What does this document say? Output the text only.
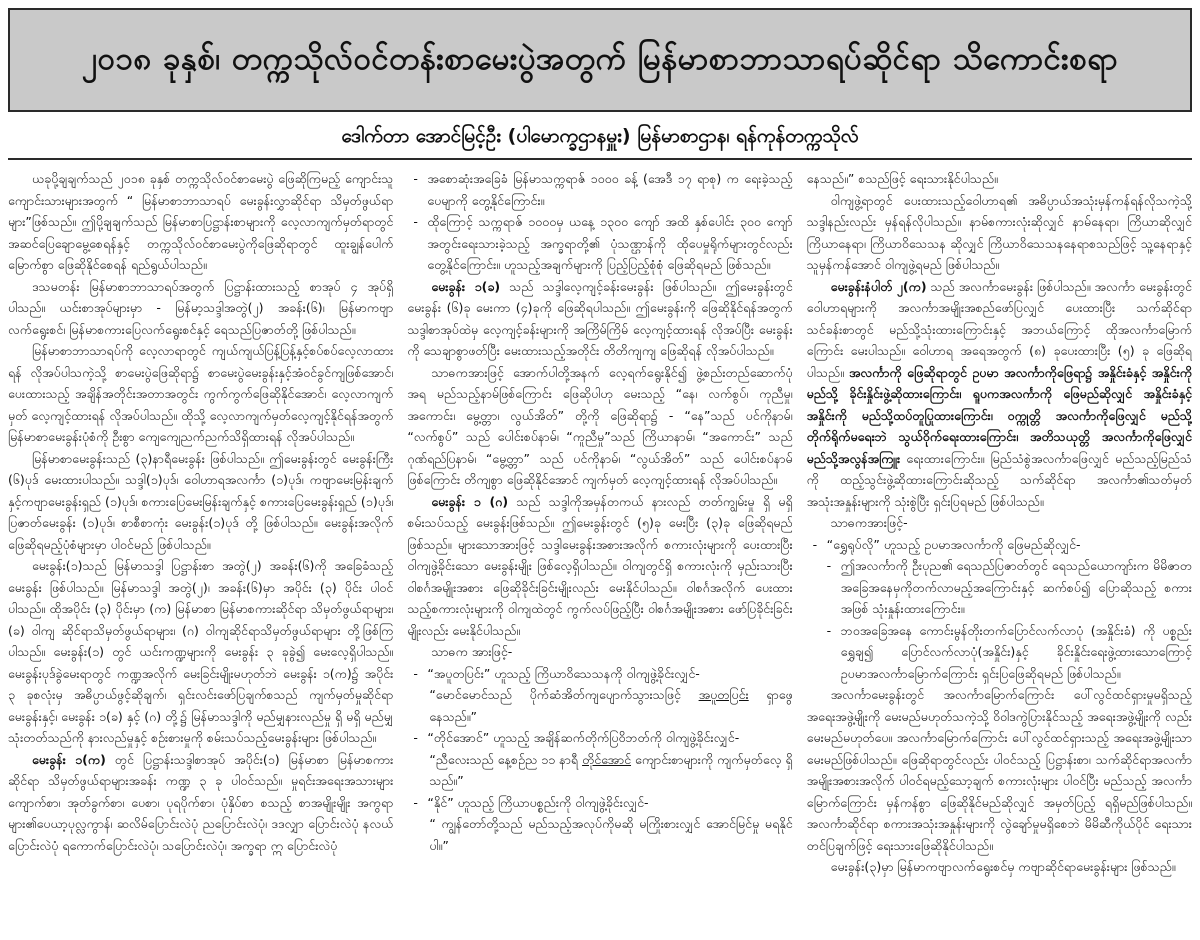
၂၀၁၈ ခုနှစ်၊ တက္ကသိုလ်ဝင်တန်းစာမေးပွဲအတွက် မြန်မာစာဘာသာရပ်ဆိုင်ရာ သိကောင်းစရာ
ဒေါက်တာ အောင်မြင့်ဦး (ပါမောက္ခဌာနမှူး) မြန်မာစာဌာန၊ ရန်ကုန်တက္ကသိုလ်

ယခုပို့ချချက်သည် ၂၀၁၈ ခုနှစ် တက္ကသိုလ်ဝင်စာမေးပွဲ ဖြေဆိုကြမည့် ကျောင်းသူကျောင်းသားများအတွက် “ မြန်မာစာဘာသာရပ် မေးခွန်းလွှာဆိုင်ရာ သိမှတ်ဖွယ်ရာများ”ဖြစ်သည်။ ဤပို့ချချက်သည် မြန်မာစာပြဋ္ဌာန်းစာများကို လေ့လာကျက်မှတ်ရာတွင် အဆင်ပြေချောမွေ့စေရန်နှင့် တက္ကသိုလ်ဝင်စာမေးပွဲကိုဖြေဆိုရာတွင် ထူးချွန်ပေါက်မြောက်စွာ ဖြေဆိုနိုင်စေရန် ရည်ရွယ်ပါသည်။

ဒသမတန်း မြန်မာစာဘာသာရပ်အတွက် ပြဋ္ဌာန်းထားသည့် စာအုပ် ၄ အုပ်ရှိပါသည်။ ယင်းစာအုပ်များမှာ - မြန်မာ့သဒ္ဒါအတွဲ(၂) အခန်း(၆)၊ မြန်မာကဗျာလက်ရွေးစင်၊ မြန်မာစကားပြေလက်ရွေးစင်နှင့် ရေသည်ပြဇာတ်တို့ ဖြစ်ပါသည်။

မြန်မာစာဘာသာရပ်ကို လေ့လာရာတွင် ကျယ်ကျယ်ပြန့်ပြန့်နှင့်စပ်စပ်လေ့လာထားရန် လိုအပ်ပါသကဲ့သို့ စာမေးပွဲဖြေဆိုရာ၌ စာမေးပွဲမေးခွန်းနှင့်အံဝင်ခွင်ကျဖြစ်အောင်၊ ပေးထားသည့် အချိန်အတိုင်းအတာအတွင်း ကွက်ကွက်ဖြေဆိုနိုင်အောင်၊ လေ့လာကျက်မှတ် လေ့ကျင့်ထားရန် လိုအပ်ပါသည်။ ထိုသို့ လေ့လာကျက်မှတ်လေ့ကျင့်နိုင်ရန်အတွက် မြန်မာစာမေးခွန်းပုံစံကို ဦးစွာ ကျေကျေညက်ညက်သိရှိထားရန် လိုအပ်ပါသည်။

မြန်မာစာမေးခွန်းသည် (၃)နာရီမေးခွန်း ဖြစ်ပါသည်။ ဤမေးခွန်းတွင် မေးခွန်းကြီး (၆)ပုဒ် မေးထားပါသည်။ သဒ္ဒါ(၁)ပုဒ်၊ ဝေါဟာရအလင်္ကာ (၁)ပုဒ်၊ ကဗျာမေးမြန်းချက်နှင့်ကဗျာမေးခွန်းရှည် (၁)ပုဒ်၊ စကားပြေမေးမြန်းချက်နှင့် စကားပြေမေးခွန်းရှည် (၁)ပုဒ်၊ ပြဇာတ်မေးခွန်း (၁)ပုဒ်၊ စာစီစာကုံး မေးခွန်း(၁)ပုဒ် တို့ ဖြစ်ပါသည်။ မေးခွန်းအလိုက် ဖြေဆိုရမည့်ပုံစံများမှာ ပါဝင်မည် ဖြစ်ပါသည်။

မေးခွန်း(၁)သည် မြန်မာသဒ္ဒါ ပြဋ္ဌာန်းစာ အတွဲ(၂) အခန်း(၆)ကို အခြေခံသည့်မေးခွန်း ဖြစ်ပါသည်။ မြန်မာသဒ္ဒါ အတွဲ(၂)၊ အခန်း(၆)မှာ အပိုင်း (၃) ပိုင်း ပါဝင်ပါသည်။ ထိုအပိုင်း (၃) ပိုင်းမှာ (က) မြန်မာစာ မြန်မာစကားဆိုင်ရာ သိမှတ်ဖွယ်ရာများ၊ (ခ) ဝါကျ ဆိုင်ရာသိမှတ်ဖွယ်ရာများ၊ (ဂ) ဝါကျဆိုင်ရာသိမှတ်ဖွယ်ရာများ တို့ဖြစ်ကြပါသည်။ မေးခွန်း(၁) တွင် ယင်းကဏ္ဍများကို မေးခွန်း ၃ ခုခွဲ၍ မေးလေ့ရှိပါသည်။ မေးခွန်းပုဒ်ခွဲမေးရာတွင် ကဏ္ဍအလိုက် မေးခြင်းမျိုးမဟုတ်ဘဲ မေးခွန်း ၁(က)၌ အပိုင်း ၃ ခုစလုံးမှ အဓိပ္ပာယ်ဖွင့်ဆိုချက်၊ ရှင်းလင်းဖော်ပြချက်စသည် ကျက်မှတ်မှုဆိုင်ရာမေးခွန်းနှင့်၊ မေးခွန်း ၁(ခ) နှင့် (ဂ) တို့၌ မြန်မာသဒ္ဒါကို မည်မျှနားလည်မှု ရှိ မရှိ မည်မျှ သုံးတတ်သည်ကို နားလည်မှုနှင့် စဉ်းစားမှုကို စမ်းသပ်သည့်မေးခွန်းများ ဖြစ်ပါသည်။

မေးခွန်း ၁(က) တွင် ပြဋ္ဌာန်းသဒ္ဒါစာအုပ် အပိုင်း(၁) မြန်မာစာ မြန်မာစကား ဆိုင်ရာ သိမှတ်ဖွယ်ရာများအခန်း ကဏ္ဍ ၃ ခု ပါဝင်သည်။ မှုရင်းအရေးအသားများကျောက်စာ၊ အုတ်ခွက်စာ၊ ပေစာ၊ ပုရပိုက်စာ၊ ပုံနှိပ်စာ စသည့် စာအမျိုးမျိုး အကွရာများ၏ပေယာ့ပုလ္လကွာန်၊ ဆလိမ်ပြောင်းလဲပုံ ညပြောင်းလဲပုံ၊ ဒဒလျှာ ပြောင်းလဲပုံ နလယ်ပြောင်းလဲပုံ ရကောက်ပြောင်းလဲပုံ၊ သပြောင်းလဲပုံ၊ အက္ခရာ ဣ ပြောင်းလဲပုံ

- အစောဆုံးအခြေခံ မြန်မာသက္ကရာဇ် ၁၀၀၀ ခန့် (အေဒီ ၁၇ ရာစု) က ရေးခဲ့သည့် ပေမျာကို တွေ့နိုင်ကြောင်း။
- ထိုကြောင့် သက္ကရာဇ် ၁၀၀၀မှ ယနေ့ ၁၃၀၀ ကျော် အထိ နှစ်ပေါင်း ၃၀၀ ကျော်အတွင်းရေးသားခဲ့သည့် အက္ခရာတို့၏ ပုံသဏ္ဌာန်ကို ထိုပေမှုရိုက်များတွင်လည်း တွေ့နိုင်ကြောင်း။ ဟူသည့်အချက်များကို ပြည့်ပြည့်စုံစုံ ဖြေဆိုရမည် ဖြစ်သည်။

မေးခွန်း ၁(ခ) သည် သဒ္ဒါလေ့ကျင့်ခန်းမေးခွန်း ဖြစ်ပါသည်။ ဤမေးခွန်းတွင် မေးခွန်း (၆)ခု မေးကာ (၄)ခုကို ဖြေဆိုရပါသည်။ ဤမေးခွန်းကို ဖြေဆိုနိုင်ရန်အတွက် သဒ္ဒါစာအုပ်ထဲမှ လေ့ကျင့်ခန်းများကို အကြိမ်ကြိမ် လေ့ကျင့်ထားရန် လိုအပ်ပြီး မေးခွန်းကို သေချာစွာဖတ်ပြီး မေးထားသည့်အတိုင်း တိတိကျကျ ဖြေဆိုရန် လိုအပ်ပါသည်။

သာဓကအားဖြင့် အောက်ပါတို့အနက် လေ့ရက်ရွေးနိုင်၍ ဖွဲ့စည်းတည်ဆောက်ပုံအရ မည်သည့်နာမ်ဖြစ်ကြောင်း ဖြေဆိုပါဟု မေးသည့် “နေ၊ လက်စွပ်၊ ကုညီမှု၊ အကောင်း၊ မွေ့တ္တာ၊ လွယ်အိတ်” တို့ကို ဖြေဆိုရာ၌ - “နေ”သည် ပင်ကိုနာမ်၊ “လက်စွပ်” သည် ပေါင်းစပ်နာမ်၊ “ကူညီမှု”သည် ကြိယာနာမ်၊ “အကောင်း” သည် ဂုဏ်ရည်ပြနာမ်၊ “မွေ့တ္တာ” သည် ပင်ကိုနာမ်၊ “လွယ်အိတ်” သည် ပေါင်းစပ်နာမ် ဖြစ်ကြောင်း တိကျစွာ ဖြေဆိုနိုင်အောင် ကျက်မှတ် လေ့ကျင့်ထားရန် လိုအပ်ပါသည်။

မေးခွန်း ၁ (ဂ) သည် သဒ္ဒါကိုအမှန်တကယ် နားလည် တတ်ကျွမ်းမှု ရှိ မရှိ စမ်းသပ်သည့် မေးခွန်းဖြစ်သည်။ ဤမေးခွန်းတွင် (၅)ခု မေးပြီး (၃)ခု ဖြေဆိုရမည် ဖြစ်သည်။ များသောအားဖြင့် သဒ္ဒါမေးခွန်းအစားအလိုက် စကားလုံးများကို ပေးထားပြီး ဝါကျဖွဲ့ခိုင်းသော မေးခွန်းမျိုး ဖြစ်လေ့ရှိပါသည်။ ဝါကျတွင်ရှိ စကားလုံးကို မှည်းသားပြီး ဝါစင်္ဂအမျိုးအစား ဖြေဆိုခိုင်းခြင်းမျိုးလည်း မေးနိုင်ပါသည်။ ဝါစင်္ဂအလိုက် ပေးထားသည့်စကားလုံးများကို ဝါကျထဲတွင် ကွက်လပ်ဖြည့်ပြီး ဝါစင်္ဂအမျိုးအစား ဖော်ပြခိုင်းခြင်းမျိုးလည်း မေးနိုင်ပါသည်။

သာဓက အားဖြင့်-

- “အပူတပြင်း” ဟူသည့် ကြိယာဝိသေသနကို ဝါကျဖွဲ့ခိုင်းလျှင်-

“မောင်မောင်သည် ပိုက်ဆံအိတ်ကျပျောက်သွားသဖြင့် အပူတပြင်း ရှာဖွေနေသည်။”

- “တိုင်အောင်” ဟူသည့် အချိန်ဆက်တိုက်ပြဝိဘတ်ကို ဝါကျဖွဲ့ခိုင်းလျှင်-

“ညီလေးသည် နေ့စဉ်ည ၁၁ နာရီ တိုင်အောင် ကျောင်းစာများကို ကျက်မှတ်လေ့ ရှိသည်။”

- “နိုင်” ဟူသည့် ကြိယာပစ္စည်းကို ဝါကျဖွဲ့ခိုင်းလျှင်-

“ ကျွန်တော်တို့သည် မည်သည့်အလုပ်ကိုမဆို မကြိုးစားလျှင် အောင်မြင်မှု မရနိုင်ပါ။”

နေသည်။” စသည်ဖြင့် ရေးသားနိုင်ပါသည်။

ဝါကျဖွဲ့ရာတွင် ပေးထားသည့်ဝေါဟာရ၏ အဓိပ္ပာယ်အသုံးမှန်ကန်ရန်လိုသကဲ့သို့ သဒ္ဒါနည်းလည်း မှန်ရန်လိုပါသည်။ နာမ်စကားလုံးဆိုလျှင် နာမ်နေရာ၊ ကြိယာဆိုလျှင် ကြိယာနေရာ၊ ကြိယာဝိသေသန ဆိုလျှင် ကြိယာဝိသေသနနေရာစသည်ဖြင့် သူ့နေရာနှင့်သူမှန်ကန်အောင် ဝါကျဖွဲ့ရမည် ဖြစ်ပါသည်။

မေးခွန်းနံပါတ် ၂(က) သည် အလင်္ကာမေးခွန်း ဖြစ်ပါသည်။ အလင်္ကာ မေးခွန်းတွင် ဝေါဟာရများကို အလင်္ကာအမျိုးအစည်ဖော်ပြလျှင် ပေးထားပြီး သက်ဆိုင်ရာ သင်ခန်းစာတွင် မည်သို့သုံးထားကြောင်းနှင့် အဘယ်ကြောင့် ထိုအလင်္ကာမြောက်ကြောင်း မေးပါသည်။ ဝေါဟာရ အရေအတွက် (၈) ခုပေးထားပြီး (၅) ခု ဖြေဆိုရပါသည်။ အလင်္ကာကို ဖြေဆိုရာတွင် ဥပမာ အလင်္ကာကိုဖြေရာ၌ အနှိုင်းခံနှင့် အနှိုင်းကို မည်သို့ ခိုင်းနှိုင်းဖွဲ့ဆိုထားကြောင်း၊ ရူပကအလင်္ကာကို ဖြေမည်ဆိုလျှင် အနှိုင်းခံနှင့် အနှိုင်းကို မည်သို့ထပ်တူပြုထားကြောင်း၊ ဝက္ကုတ္တိ အလင်္ကာကိုဖြေလျှင် မည်သို့ တိုက်ရိုက်မရေးဘဲ သွယ်ဝိုက်ရေးထားကြောင်း၊ အတိသယုတ္တိ အလင်္ကာကိုဖြေလျှင် မည်သို့အလွန်အကြူး ရေးထားကြောင်း။ မြည်သံစွဲအလင်္ကာဖြေလျှင် မည်သည့်မြည်သံကို ထည့်သွင်းဖွဲ့ဆိုထားကြောင်းဆိုသည့် သက်ဆိုင်ရာ အလင်္ကာ၏သတ်မှတ်အသုံးအနှုန်းများကို သုံးစွဲပြီး ရှင်းပြရမည် ဖြစ်ပါသည်။

သာဓကအားဖြင့်-

- “ရွှေရုပ်လို” ဟူသည့် ဥပမာအလင်္ကာကို ဖြေမည်ဆိုလျှင်-
- ဤအလင်္ကာကို ဦးပုည၏ ရေသည်ပြဇာတ်တွင် ရေသည်ယောကျာ်းက မိမိဇာတ အခြေအနေမှကိုတက်လာမည့်အကြောင်းနှင့် ဆက်စပ်၍ ပြောဆိုသည့် စကားအဖြစ် သုံးနှုန်းထားကြောင်း။
- ဘဝအခြေအနေ ကောင်းမွန်တိုးတက်ပြောင်လက်လာပုံ (အနှိုင်းခံ) ကို ပစ္စည်းရွှေချ၍ ပြောင်လက်လာပုံ(အနှိုင်း)နှင့် ခိုင်းနှိုင်းရေးဖွဲ့ထားသောကြောင့် ဥပမာအလင်္ကာမြောက်ကြောင်း ရှင်းပြဖြေဆိုရမည် ဖြစ်ပါသည်။

အလင်္ကာမေးခွန်းတွင် အလင်္ကာမြောက်ကြောင်း ပေါ်လွင်ထင်ရှားမှုမရှိသည့် အရေးအဖွဲ့မျိုးကို မေးမည်မဟုတ်သကဲ့သို့ ဝိဝါဒကွဲပြားနိုင်သည့် အရေးအဖွဲ့မျိုးကို လည်း မေးမည်မဟုတ်ပေ။ အလင်္ကာမြောက်ကြောင်း ပေါ်လွင်ထင်ရှားသည့် အရေးအဖွဲ့မျိုးသာ မေးမည်ဖြစ်ပါသည်။ ဖြေဆိုရာတွင်လည်း ပါဝင်သည့် ပြဋ္ဌာန်းစာ၊ သက်ဆိုင်ရာအလင်္ကာ အမျိုးအစားအလိုက် ပါဝင်ရမည့်သော့ချက် စကားလုံးများ ပါဝင်ပြီး မည်သည့် အလင်္ကာမြောက်ကြောင်း မှန်ကန်စွာ ဖြေဆိုနိုင်မည်ဆိုလျှင် အမှတ်ပြည့် ရရှိမည်ဖြစ်ပါသည်။ အလင်္ကာဆိုင်ရာ စကားအသုံးအနှုန်းများကို လွဲချော်မှုမရှိစေဘဲ မိမိဆီကိုယ်ပိုင် ရေးသားတင်ပြချက်ဖြင့် ရေးသားဖြေဆိုနိုင်ပါသည်။

မေးခွန်း(၃)မှာ မြန်မာကဗျာလက်ရွေးစင်မှ ကဗျာဆိုင်ရာမေးခွန်းများ ဖြစ်သည်။
